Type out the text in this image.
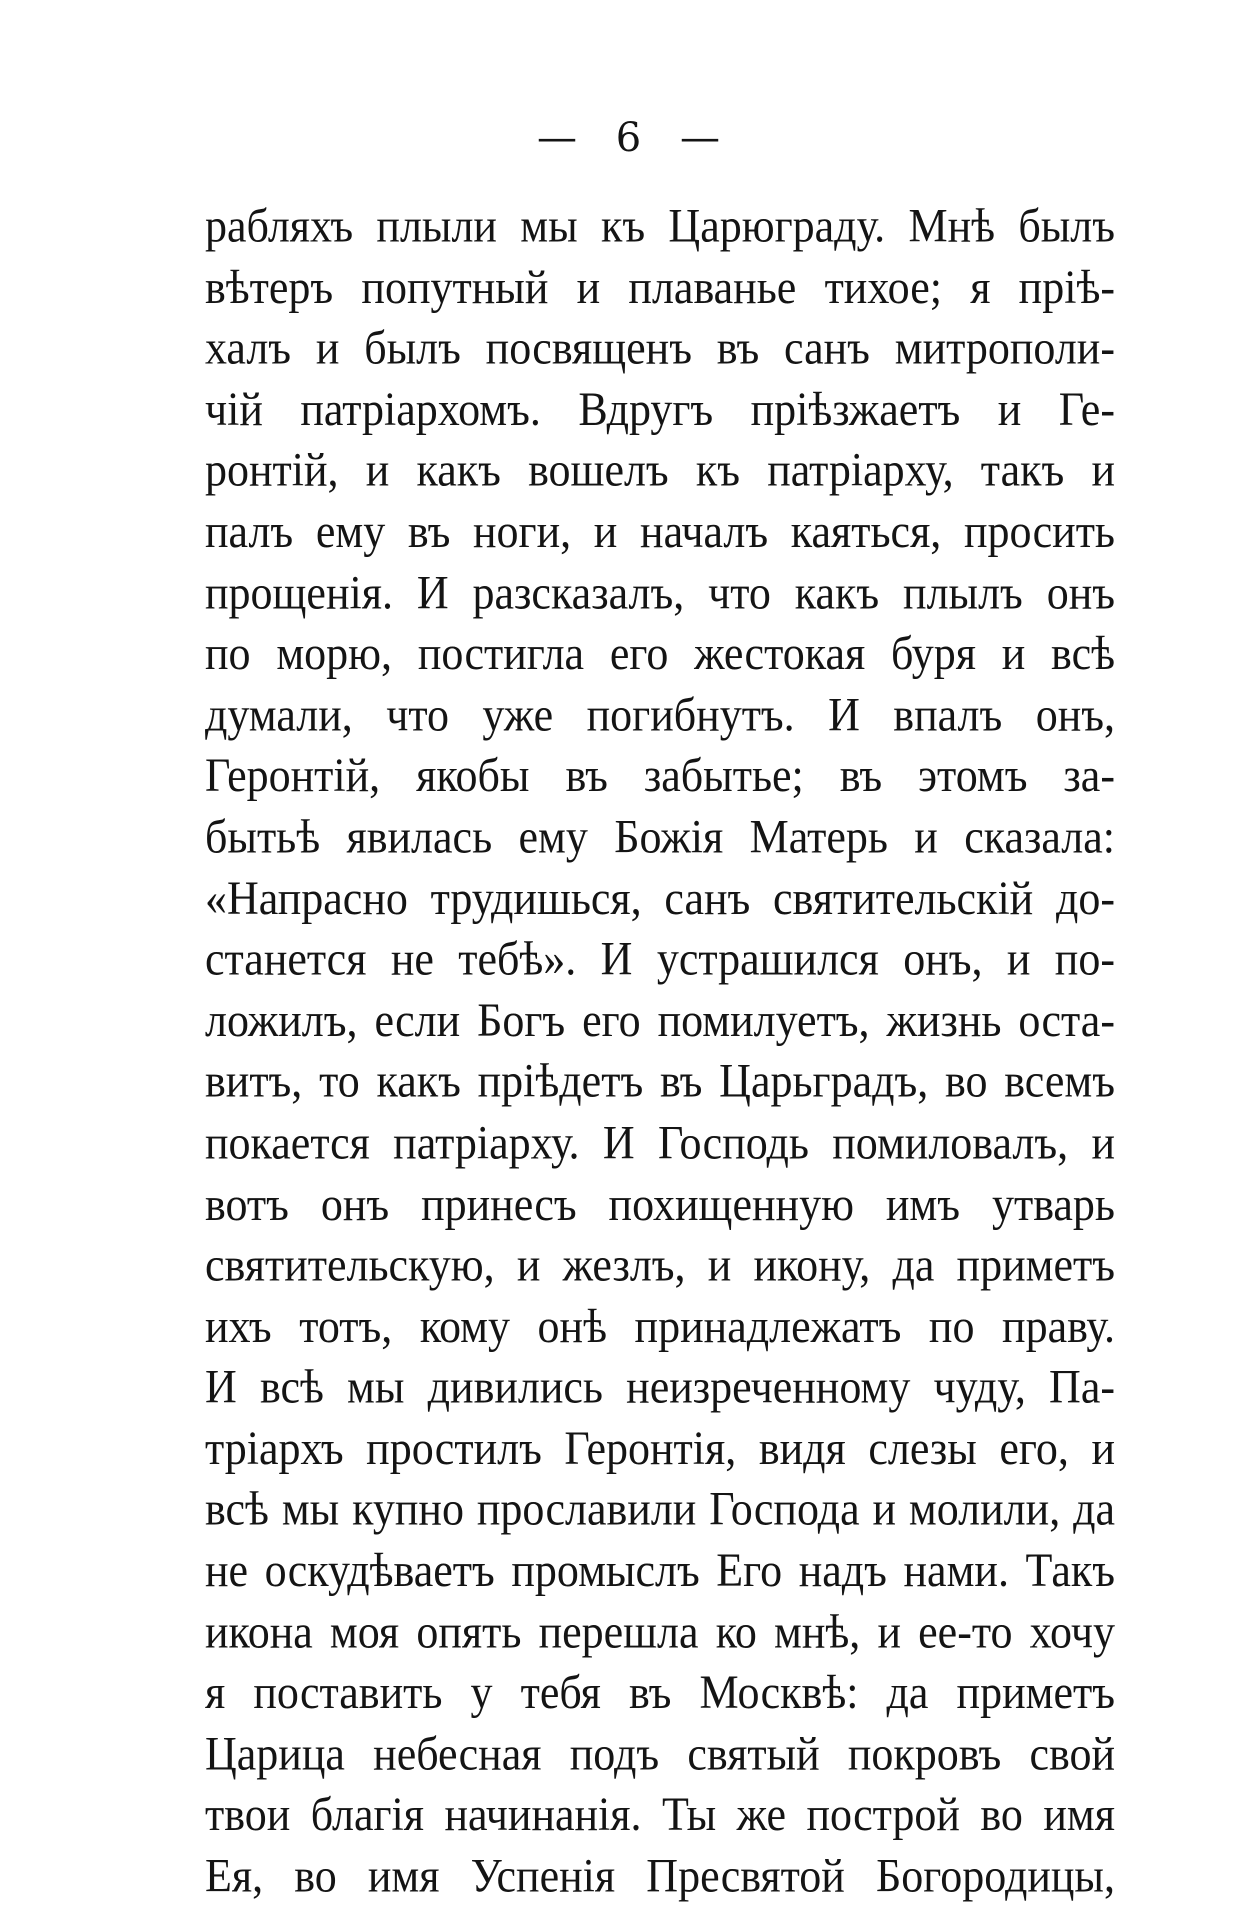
— 6 —
рабляхъ плыли мы къ Царюграду. Мнѣ былъ
вѣтеръ попутный и плаванье тихое; я пріѣ-
халъ и былъ посвященъ въ санъ митрополи-
чій патріархомъ. Вдругъ пріѣзжаетъ и Ге-
ронтій, и какъ вошелъ къ патріарху, такъ и
палъ ему въ ноги, и началъ каяться, просить
прощенія. И разсказалъ, что какъ плылъ онъ
по морю, постигла его жестокая буря и всѣ
думали, что уже погибнутъ. И впалъ онъ,
Геронтій, якобы въ забытье; въ этомъ за-
бытьѣ явилась ему Божія Матерь и сказала:
«Напрасно трудишься, санъ святительскій до-
станется не тебѣ». И устрашился онъ, и по-
ложилъ, если Богъ его помилуетъ, жизнь оста-
витъ, то какъ пріѣдетъ въ Царьградъ, во всемъ
покается патріарху. И Господь помиловалъ, и
вотъ онъ принесъ похищенную имъ утварь
святительскую, и жезлъ, и икону, да приметъ
ихъ тотъ, кому онѣ принадлежатъ по праву.
И всѣ мы дивились неизреченному чуду, Па-
тріархъ простилъ Геронтія, видя слезы его, и
всѣ мы купно прославили Господа и молили, да
не оскудѣваетъ промыслъ Его надъ нами. Такъ
икона моя опять перешла ко мнѣ, и ее-то хочу
я поставить у тебя въ Москвѣ: да приметъ
Царица небесная подъ святый покровъ свой
твои благія начинанія. Ты же построй во имя
Ея, во имя Успенія Пресвятой Богородицы,
